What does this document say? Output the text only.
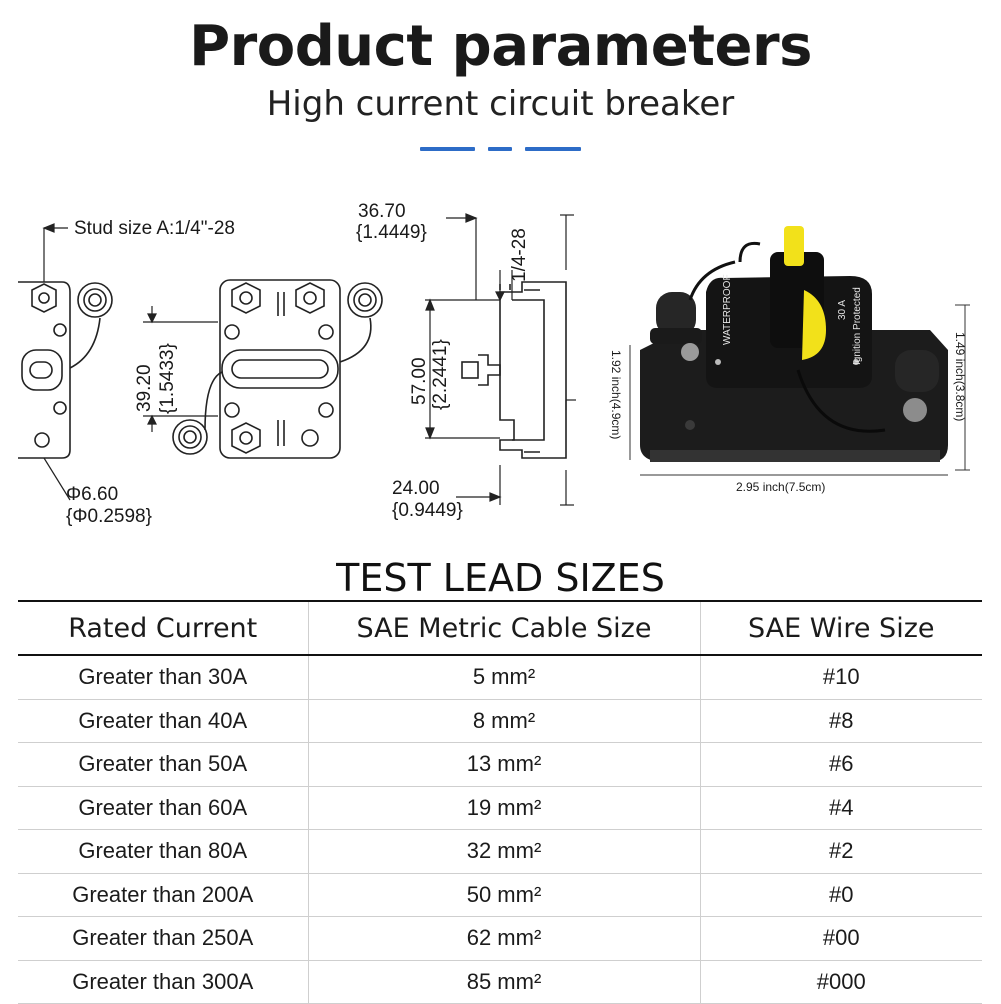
Product parameters
High current circuit breaker
Stud size A:1/4"-28
Φ6.60
{Φ0.2598}
36.70
{1.4449}
24.00
{0.9449}
1/4-28
39.20 {1.5433}	57.00 {2.2441}
WATERPROOF	30 A Ignition Protected
1.92 inch(4.9cm)	1.49 inch(3.8cm)
2.95 inch(7.5cm)
TEST LEAD SIZES
Rated Current	SAE Metric Cable Size	SAE Wire Size
Greater than 30A	5 mm²	#10
Greater than 40A	8 mm²	#8
Greater than 50A	13 mm²	#6
Greater than 60A	19 mm²	#4
Greater than 80A	32 mm²	#2
Greater than 200A	50 mm²	#0
Greater than 250A	62 mm²	#00
Greater than 300A	85 mm²	#000
